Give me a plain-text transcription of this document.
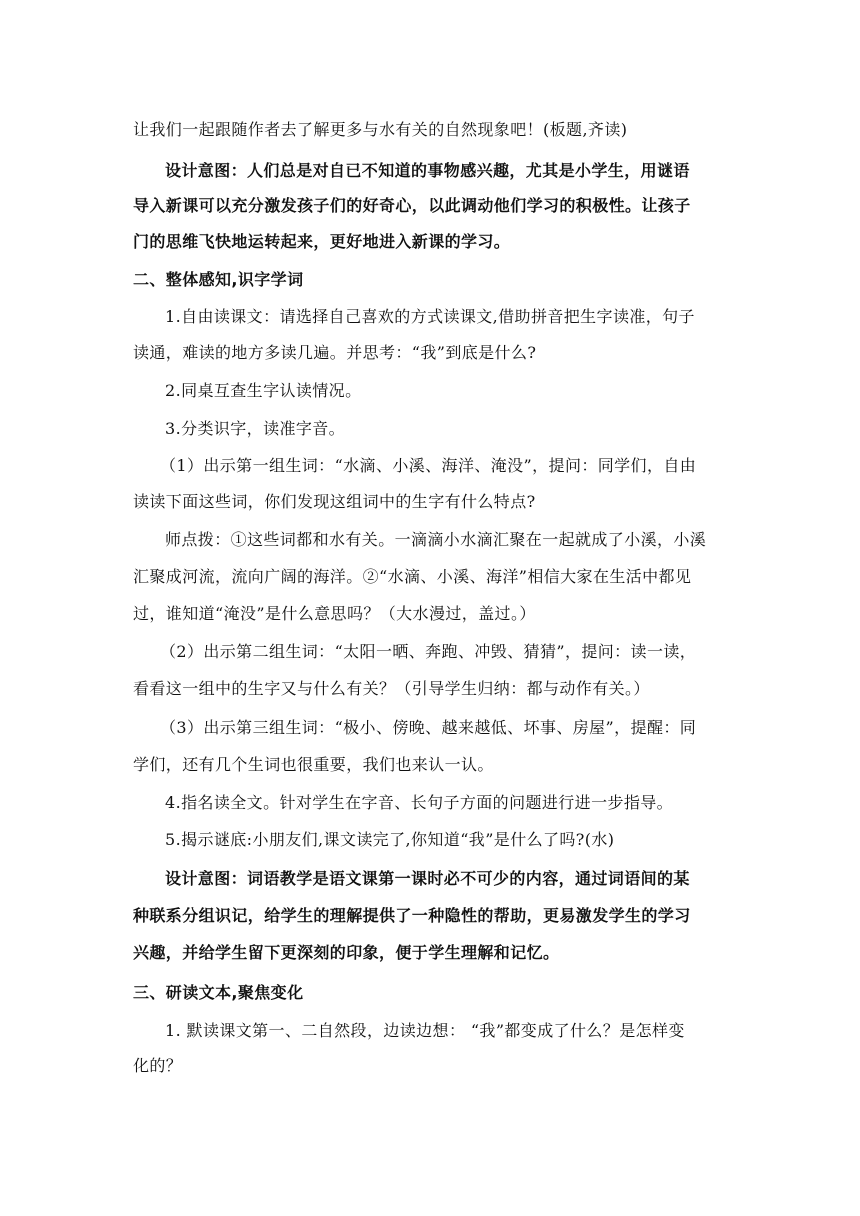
让我们一起跟随作者去了解更多与水有关的自然现象吧！(板题,齐读)
设计意图：人们总是对自已不知道的事物感兴趣，尤其是小学生，用谜语
导入新课可以充分激发孩子们的好奇心，以此调动他们学习的积极性。让孩子
门的思维飞快地运转起来，更好地进入新课的学习。
二、整体感知,识字学词
1.自由读课文：请选择自己喜欢的方式读课文,借助拼音把生字读准，句子
读通，难读的地方多读几遍。并思考：“我”到底是什么?
2.同桌互查生字认读情况。
3.分类识字，读准字音。
（1）出示第一组生词：“水滴、小溪、海洋、淹没”，提问：同学们，自由
读读下面这些词，你们发现这组词中的生字有什么特点?
师点拨：①这些词都和水有关。一滴滴小水滴汇聚在一起就成了小溪，小溪
汇聚成河流，流向广阔的海洋。②“水滴、小溪、海洋”相信大家在生活中都见
过，谁知道“淹没”是什么意思吗？（大水漫过，盖过。）
（2）出示第二组生词：“太阳一晒、奔跑、冲毁、猜猜”，提问：读一读，
看看这一组中的生字又与什么有关？（引导学生归纳：都与动作有关。）
（3）出示第三组生词：“极小、傍晚、越来越低、坏事、房屋”，提醒：同
学们，还有几个生词也很重要，我们也来认一认。
4.指名读全文。针对学生在字音、长句子方面的问题进行进一步指导。
5.揭示谜底:小朋友们,课文读完了,你知道“我”是什么了吗?(水)
设计意图：词语教学是语文课第一课时必不可少的内容，通过词语间的某
种联系分组识记，给学生的理解提供了一种隐性的帮助，更易激发学生的学习
兴趣，并给学生留下更深刻的印象，便于学生理解和记忆。
三、研读文本,聚焦变化
1. 默读课文第一、二自然段，边读边想： “我”都变成了什么？是怎样变
化的？
